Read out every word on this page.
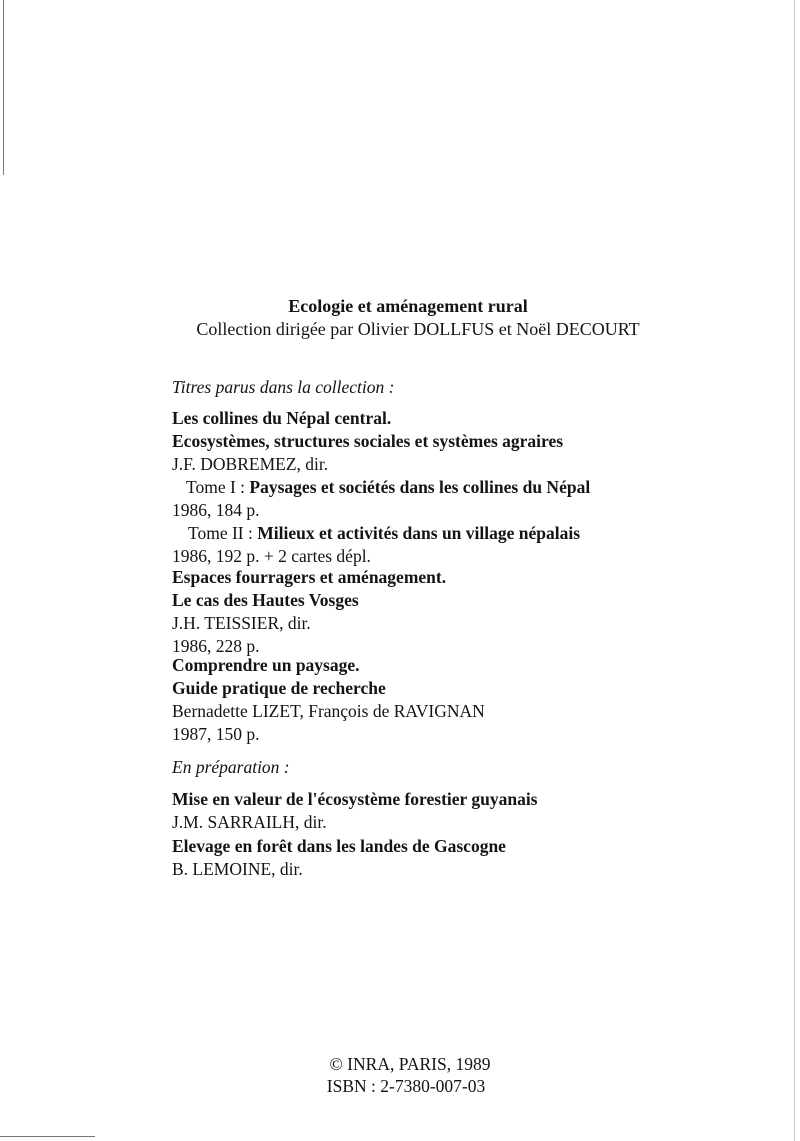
Ecologie et aménagement rural
Collection dirigée par Olivier DOLLFUS et Noël DECOURT
Titres parus dans la collection :
Les collines du Népal central.
Ecosystèmes, structures sociales et systèmes agraires
J.F. DOBREMEZ, dir.
Tome I : Paysages et sociétés dans les collines du Népal
1986, 184 p.
Tome II : Milieux et activités dans un village népalais
1986, 192 p. + 2 cartes dépl.
Espaces fourragers et aménagement.
Le cas des Hautes Vosges
J.H. TEISSIER, dir.
1986, 228 p.
Comprendre un paysage.
Guide pratique de recherche
Bernadette LIZET, François de RAVIGNAN
1987, 150 p.
En préparation :
Mise en valeur de l'écosystème forestier guyanais
J.M. SARRAILH, dir.
Elevage en forêt dans les landes de Gascogne
B. LEMOINE, dir.
© INRA, PARIS, 1989
ISBN : 2-7380-007-03
